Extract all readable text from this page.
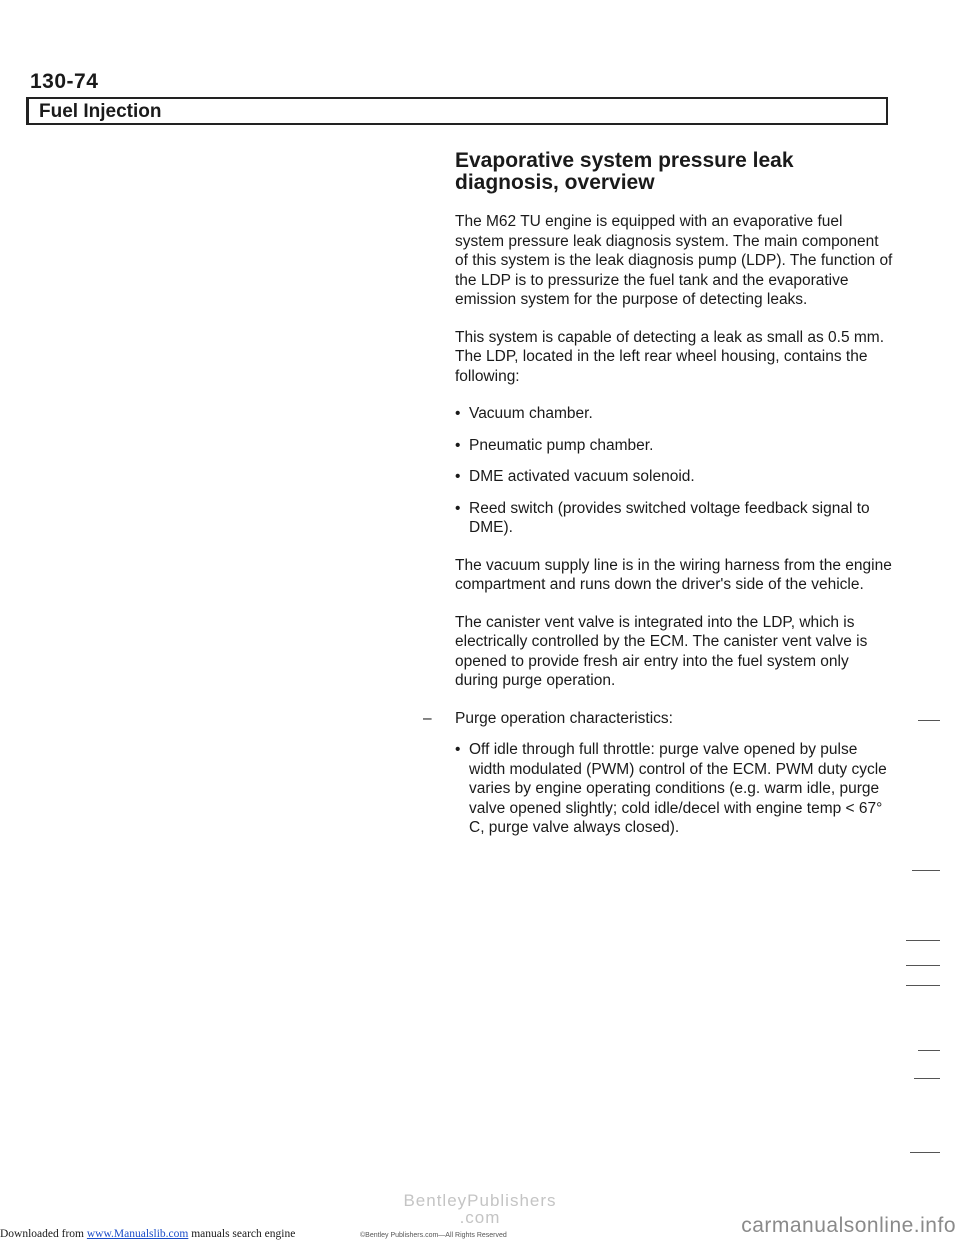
130-74
Fuel Injection
Evaporative system pressure leak diagnosis, overview

The M62 TU engine is equipped with an evaporative fuel system pressure leak diagnosis system. The main component of this system is the leak diagnosis pump (LDP). The function of the LDP is to pressurize the fuel tank and the evaporative emission system for the purpose of detecting leaks.

This system is capable of detecting a leak as small as 0.5 mm. The LDP, located in the left rear wheel housing, contains the following:

• Vacuum chamber.
• Pneumatic pump chamber.
• DME activated vacuum solenoid.
• Reed switch (provides switched voltage feedback signal to DME).

The vacuum supply line is in the wiring harness from the engine compartment and runs down the driver's side of the vehicle.

The canister vent valve is integrated into the LDP, which is electrically controlled by the ECM. The canister vent valve is opened to provide fresh air entry into the fuel system only during purge operation.

– Purge operation characteristics:
• Off idle through full throttle: purge valve opened by pulse width modulated (PWM) control of the ECM. PWM duty cycle varies by engine operating conditions (e.g. warm idle, purge valve opened slightly; cold idle/decel with engine temp < 67° C, purge valve always closed).
BentleyPublishers
.com
©Bentley Publishers.com—All Rights Reserved
Downloaded from www.Manualslib.com manuals search engine	carmanualsonline.info
